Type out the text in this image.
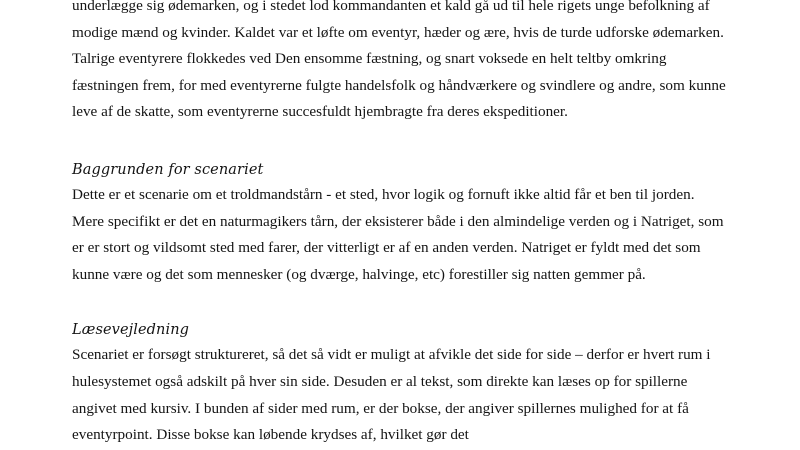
underlægge sig ødemarken, og i stedet lod kommandanten et kald gå ud til hele rigets unge befolkning af modige mænd og kvinder. Kaldet var et løfte om eventyr, hæder og ære, hvis de turde udforske ødemarken. Talrige eventyrere flokkedes ved Den ensomme fæstning, og snart voksede en helt teltby omkring fæstningen frem, for med eventyrerne fulgte handelsfolk og håndværkere og svindlere og andre, som kunne leve af de skatte, som eventyrerne succesfuldt hjembragte fra deres ekspeditioner.

Baggrunden for scenariet

Dette er et scenarie om et troldmandstårn - et sted, hvor logik og fornuft ikke altid får et ben til jorden. Mere specifikt er det en naturmagikers tårn, der eksisterer både i den almindelige verden og i Natriget, som er er stort og vildsomt sted med farer, der vitterligt er af en anden verden. Natriget er fyldt med det som kunne være og det som mennesker (og dværge, halvinge, etc) forestiller sig natten gemmer på.

Læsevejledning

Scenariet er forsøgt struktureret, så det så vidt er muligt at afvikle det side for side – derfor er hvert rum i hulesystemet også adskilt på hver sin side. Desuden er al tekst, som direkte kan læses op for spillerne angivet med kursiv. I bunden af sider med rum, er der bokse, der angiver spillernes mulighed for at få eventyrpoint. Disse bokse kan løbende krydses af, hvilket gør det
